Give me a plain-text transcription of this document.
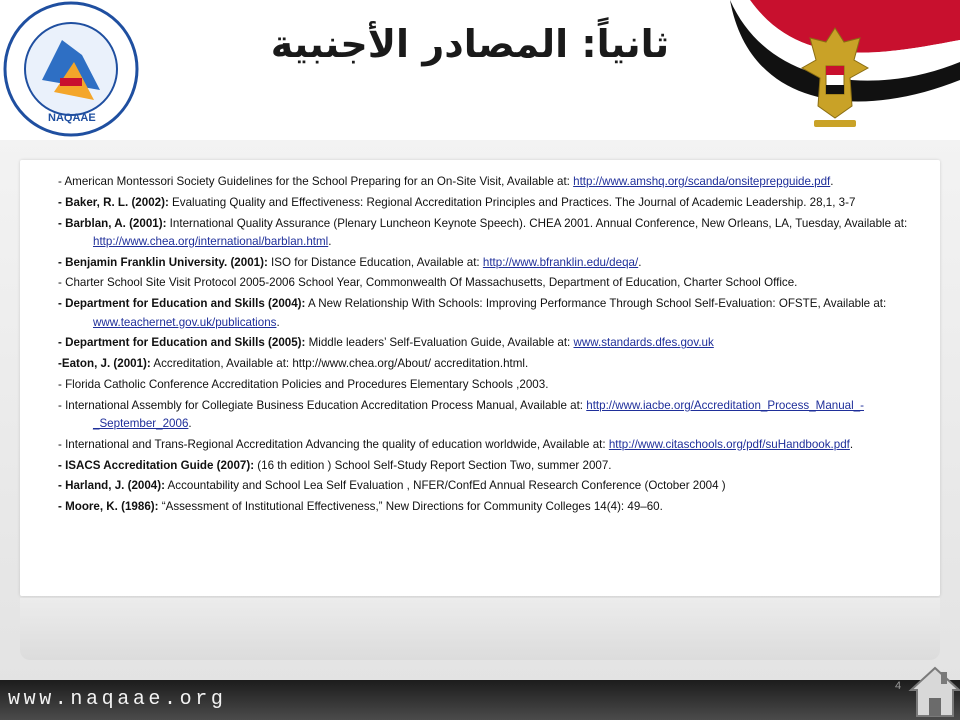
NAQAAE
ثانياً: المصادر الأجنبية
- American Montessori Society Guidelines for the School Preparing for an On-Site Visit, Available at: http://www.amshq.org/scanda/onsiteprepguide.pdf.
- Baker, R. L. (2002): Evaluating Quality and Effectiveness: Regional Accreditation Principles and Practices. The Journal of Academic Leadership. 28,1, 3-7
- Barblan, A. (2001): International Quality Assurance (Plenary Luncheon Keynote Speech). CHEA 2001. Annual Conference, New Orleans, LA, Tuesday, Available at: http://www.chea.org/international/barblan.html.
- Benjamin Franklin University. (2001): ISO for Distance Education, Available at: http://www.bfranklin.edu/deqa/.
- Charter School Site Visit Protocol 2005-2006 School Year, Commonwealth Of Massachusetts, Department of Education, Charter School Office.
- Department for Education and Skills (2004): A New Relationship With Schools: Improving Performance Through School Self-Evaluation: OFSTE, Available at: www.teachernet.gov.uk/publications.
- Department for Education and Skills (2005): Middle leaders’ Self-Evaluation Guide, Available at: www.standards.dfes.gov.uk
-Eaton, J. (2001): Accreditation, Available at: http://www.chea.org/About/ accreditation.html.
- Florida Catholic Conference Accreditation Policies and Procedures Elementary Schools ,2003.
- International Assembly for Collegiate Business Education Accreditation Process Manual, Available at: http://www.iacbe.org/Accreditation_Process_Manual_-_September_2006.
- International and Trans-Regional Accreditation Advancing the quality of education worldwide, Available at: http://www.citaschools.org/pdf/suHandbook.pdf.
- ISACS Accreditation Guide (2007): (16 th edition ) School Self-Study Report Section Two, summer 2007.
- Harland, J. (2004): Accountability and School Lea Self Evaluation , NFER/ConfEd Annual Research Conference (October 2004 )
- Moore, K. (1986): “Assessment of Institutional Effectiveness,” New Directions for Community Colleges 14(4): 49–60.
www.naqaae.org
4
